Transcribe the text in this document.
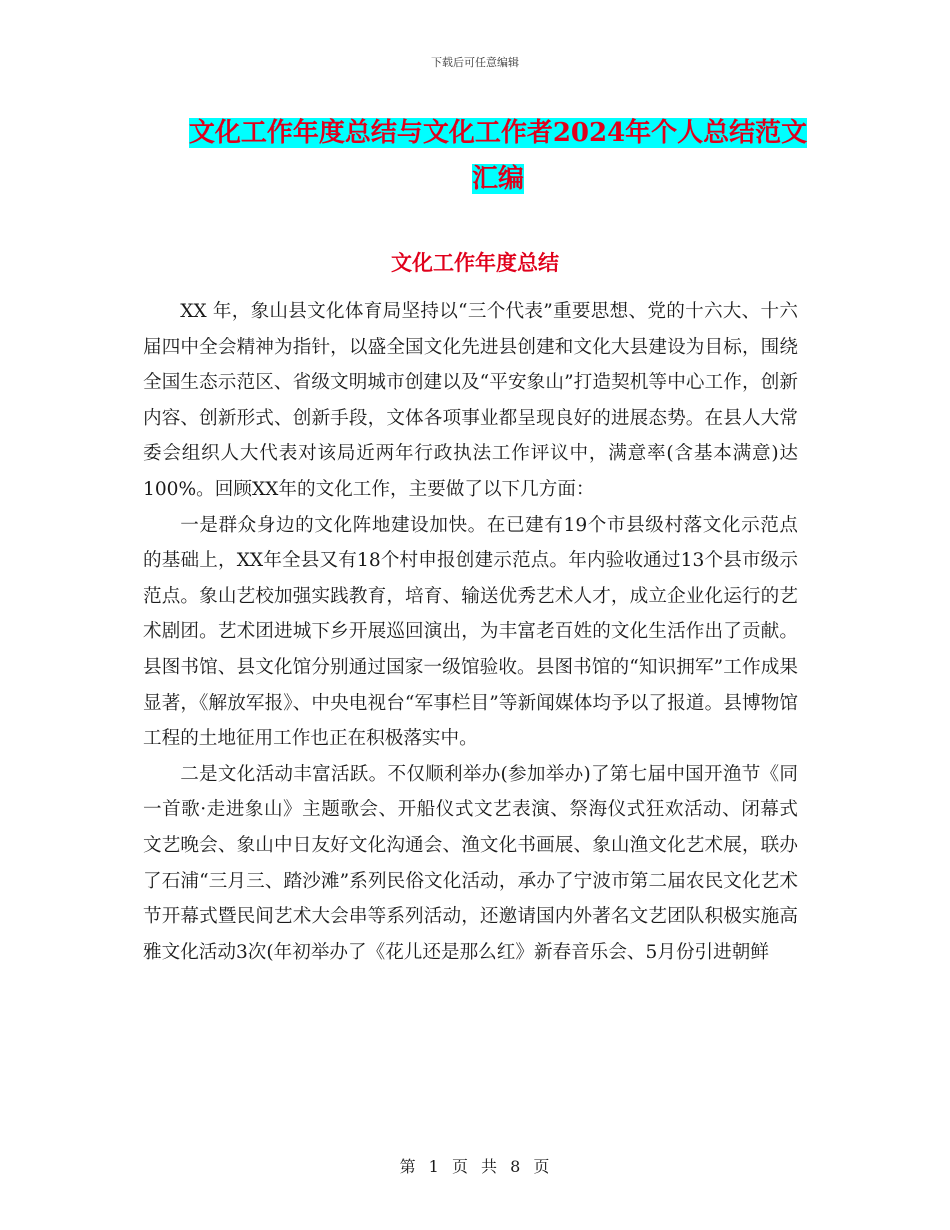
下载后可任意编辑
文化工作年度总结与文化工作者2024年个人总结范文
汇编
文化工作年度总结

XX 年，象山县文化体育局坚持以“三个代表”重要思想、党的十六大、十六届四中全会精神为指针，以盛全国文化先进县创建和文化大县建设为目标，围绕全国生态示范区、省级文明城市创建以及“平安象山”打造契机等中心工作，创新内容、创新形式、创新手段，文体各项事业都呈现良好的进展态势。在县人大常委会组织人大代表对该局近两年行政执法工作评议中，满意率(含基本满意)达100%。回顾XX年的文化工作，主要做了以下几方面：

一是群众身边的文化阵地建设加快。在已建有19个市县级村落文化示范点的基础上，XX年全县又有18个村申报创建示范点。年内验收通过13个县市级示范点。象山艺校加强实践教育，培育、输送优秀艺术人才，成立企业化运行的艺术剧团。艺术团进城下乡开展巡回演出，为丰富老百姓的文化生活作出了贡献。县图书馆、县文化馆分别通过国家一级馆验收。县图书馆的“知识拥军”工作成果显著，《解放军报》、中央电视台“军事栏目”等新闻媒体均予以了报道。县博物馆工程的土地征用工作也正在积极落实中。

二是文化活动丰富活跃。不仅顺利举办(参加举办)了第七届中国开渔节《同一首歌·走进象山》主题歌会、开船仪式文艺表演、祭海仪式狂欢活动、闭幕式文艺晚会、象山中日友好文化沟通会、渔文化书画展、象山渔文化艺术展，联办了石浦“三月三、踏沙滩”系列民俗文化活动，承办了宁波市第二届农民文化艺术节开幕式暨民间艺术大会串等系列活动，还邀请国内外著名文艺团队积极实施高雅文化活动3次(年初举办了《花儿还是那么红》新春音乐会、5月份引进朝鲜

第 1 页 共 8 页
